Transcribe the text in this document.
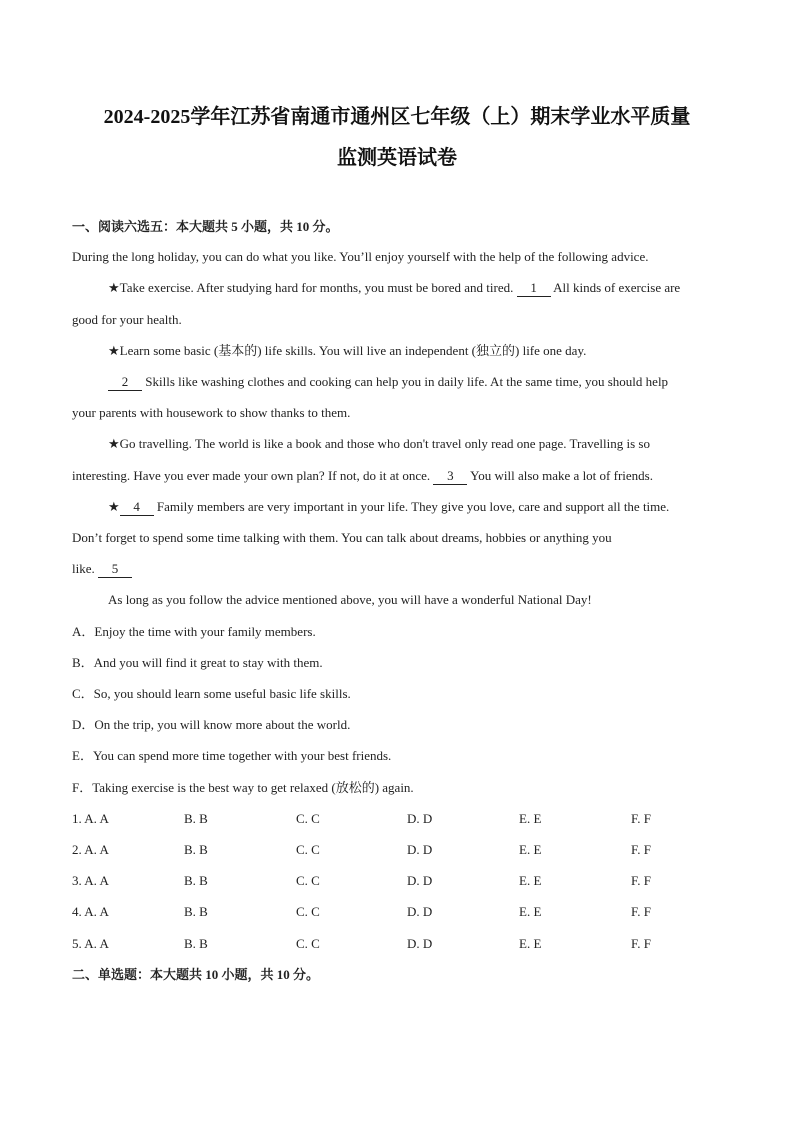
2024-2025学年江苏省南通市通州区七年级（上）期末学业水平质量
监测英语试卷
一、阅读六选五：本大题共 5 小题，共 10 分。
During the long holiday, you can do what you like. You’ll enjoy yourself with the help of the following advice.
★Take exercise. After studying hard for months, you must be bored and tired. 1 All kinds of exercise are
good for your health.
★Learn some basic (基本的) life skills. You will live an independent (独立的) life one day.
2 Skills like washing clothes and cooking can help you in daily life. At the same time, you should help
your parents with housework to show thanks to them.
★Go travelling. The world is like a book and those who don't travel only read one page. Travelling is so
interesting. Have you ever made your own plan? If not, do it at once. 3 You will also make a lot of friends.
★ 4 Family members are very important in your life. They give you love, care and support all the time.
Don’t forget to spend some time talking with them. You can talk about dreams, hobbies or anything you
like. 5
As long as you follow the advice mentioned above, you will have a wonderful National Day!
A．Enjoy the time with your family members.
B．And you will find it great to stay with them.
C．So, you should learn some useful basic life skills.
D．On the trip, you will know more about the world.
E．You can spend more time together with your best friends.
F．Taking exercise is the best way to get relaxed (放松的) again.
1. A. A	B. B	C. C	D. D	E. E	F. F
2. A. A	B. B	C. C	D. D	E. E	F. F
3. A. A	B. B	C. C	D. D	E. E	F. F
4. A. A	B. B	C. C	D. D	E. E	F. F
5. A. A	B. B	C. C	D. D	E. E	F. F
二、单选题：本大题共 10 小题，共 10 分。
